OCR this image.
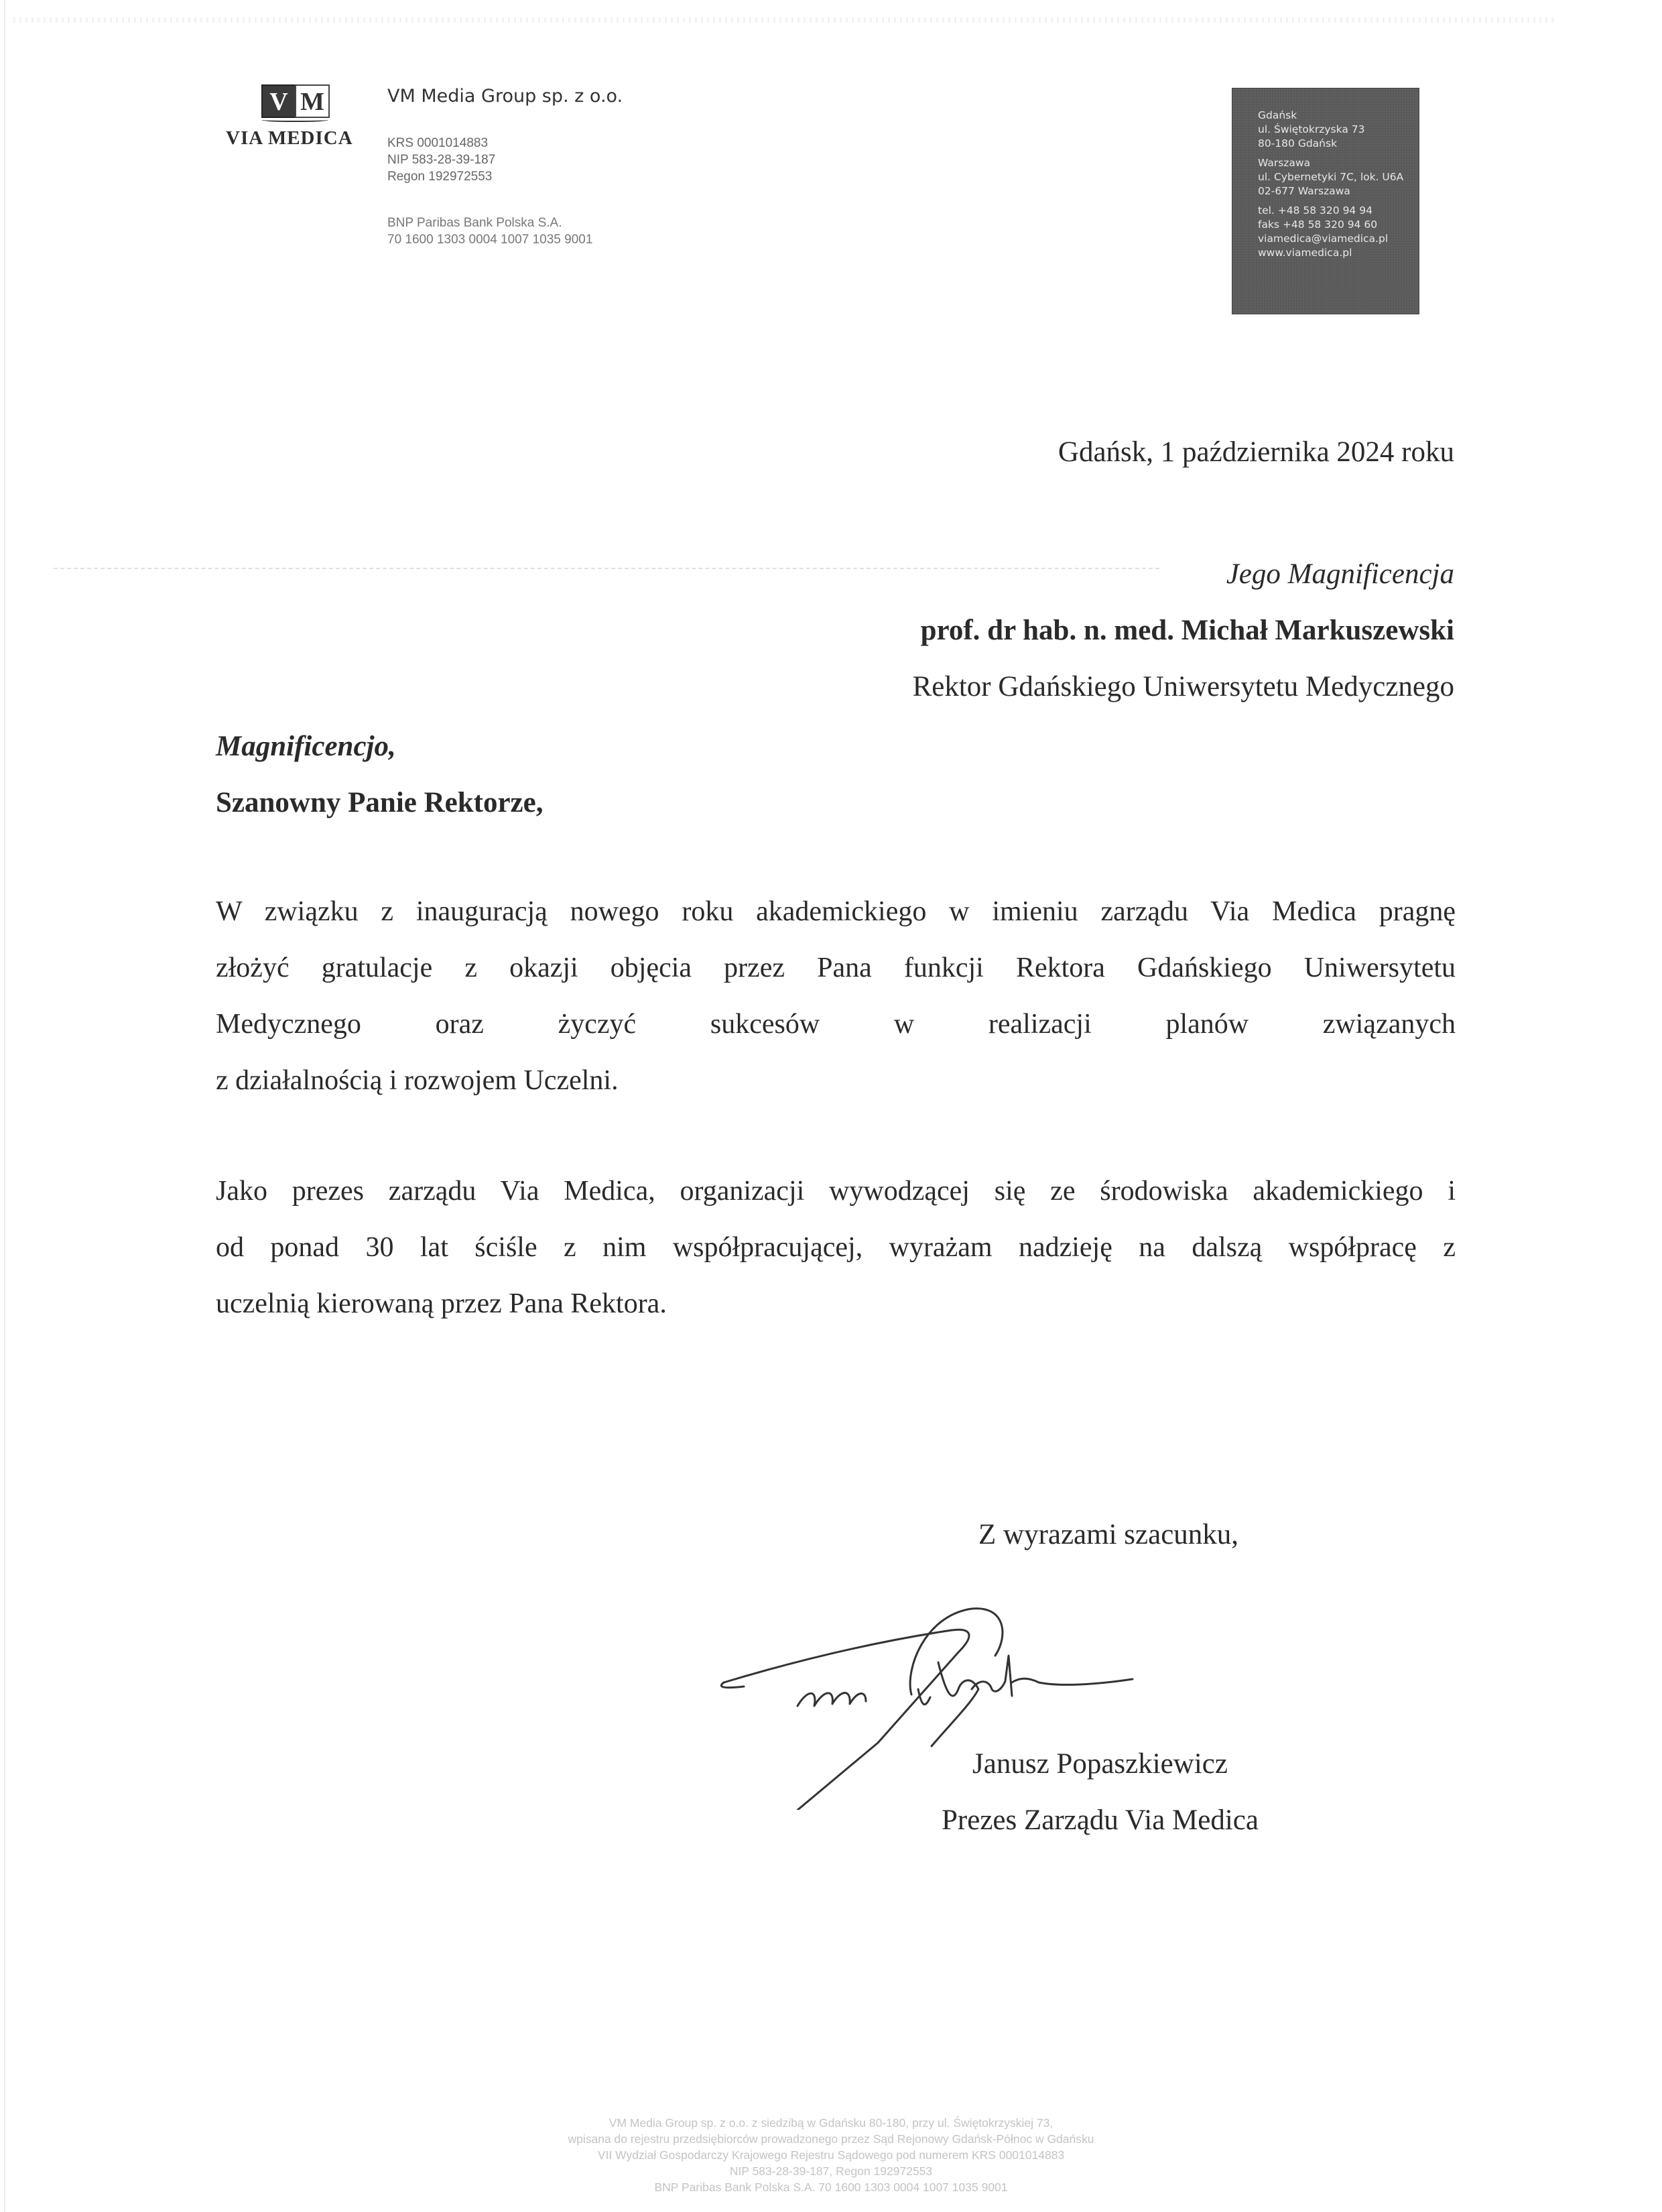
V M
VIA MEDICA
VM Media Group sp. z o.o.
KRS 0001014883
NIP 583-28-39-187
Regon 192972553
BNP Paribas Bank Polska S.A.
70 1600 1303 0004 1007 1035 9001
Gdańsk
ul. Świętokrzyska 73
80-180 Gdańsk
Warszawa
ul. Cybernetyki 7C, lok. U6A
02-677 Warszawa
tel. +48 58 320 94 94
faks +48 58 320 94 60
viamedica@viamedica.pl
www.viamedica.pl
Gdańsk, 1 października 2024 roku
Jego Magnificencja
prof. dr hab. n. med. Michał Markuszewski
Rektor Gdańskiego Uniwersytetu Medycznego
Magnificencjo,
Szanowny Panie Rektorze,
W związku z inauguracją nowego roku akademickiego w imieniu zarządu Via Medica pragnę
złożyć gratulacje z okazji objęcia przez Pana funkcji Rektora Gdańskiego Uniwersytetu
Medycznego oraz życzyć sukcesów w realizacji planów związanych
z działalnością i rozwojem Uczelni.
Jako prezes zarządu Via Medica, organizacji wywodzącej się ze środowiska akademickiego i
od ponad 30 lat ściśle z nim współpracującej, wyrażam nadzieję na dalszą współpracę z
uczelnią kierowaną przez Pana Rektora.
Z wyrazami szacunku,
Janusz Popaszkiewicz
Prezes Zarządu Via Medica
VM Media Group sp. z o.o. z siedzibą w Gdańsku 80-180, przy ul. Świętokrzyskiej 73,
wpisana do rejestru przedsiębiorców prowadzonego przez Sąd Rejonowy Gdańsk-Północ w Gdańsku
VII Wydział Gospodarczy Krajowego Rejestru Sądowego pod numerem KRS 0001014883
NIP 583-28-39-187, Regon 192972553
BNP Paribas Bank Polska S.A. 70 1600 1303 0004 1007 1035 9001
